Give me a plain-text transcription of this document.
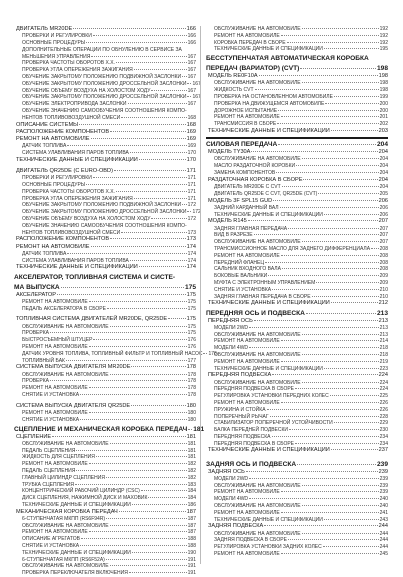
ДВИГАТЕЛЬ MR20DE	166
ПРОВЕРКИ И РЕГУЛИРОВКИ	166
ОСНОВНЫЕ ПРОЦЕДУРЫ	166
ДОПОЛНИТЕЛЬНЫЕ ОПЕРАЦИИ ПО ОБНУЛЕНИЮ В СЕРВИСЕ ЗА
МЕНЬШЕНИЯ УПРАВЛЕНИЯ	167
ПРОВЕРКА ЧАСТОТЫ ОБОРОТОВ Х.Х.	167
ПРОВЕРКА УГЛА ОПЕРЕЖЕНИЯ ЗАЖИГАНИЯ	167
ОБУЧЕНИЕ ЗАКРЫТОМУ ПОЛОЖЕНИЮ ПОДВИЖНОЙ ЗАСЛОНКИ 167
ОБУЧЕНИЕ ЗАКРЫТОМУ ПОЛОЖЕНИЮ ДРОССЕЛЬНОЙ ЗАСЛОНКИ 167
ОБУЧЕНИЕ ОБЪЕМУ ВОЗДУХА НА ХОЛОСТОМ ХОДУ	167
ОБУЧЕНИЕ ЗАКРЫТОМУ ПОЛОЖЕНИЮ ДРОССЕЛЬНОЙ ЗАСЛОНКИ 167
ОБУЧЕНИЕ ЭЛЕКТРОПРИВОДА ЗАСЛОНКИ	167
ОБУЧЕНИЕ ЗНАЧЕНИЮ САМООБУЧЕНИЯ СООТНОШЕНИЯ КОМПО-
НЕНТОВ ТОПЛИВОВОЗДУШНОЙ СМЕСИ	168
ОПИСАНИЕ СИСТЕМЫ	168
РАСПОЛОЖЕНИЕ КОМПОНЕНТОВ	169
РЕМОНТ НА АВТОМОБИЛЕ	169
ДАТЧИК ТОПЛИВА	169
СИСТЕМА УЛАВЛИВАНИЯ ПАРОВ ТОПЛИВА	170
ТЕХНИЧЕСКИЕ ДАННЫЕ И СПЕЦИФИКАЦИИ	170
ДВИГАТЕЛЬ QR25DE (С EURO-OBD)	171
ПРОВЕРКИ И РЕГУЛИРОВКИ	171
ОСНОВНЫЕ ПРОЦЕДУРЫ	171
ПРОВЕРКА ЧАСТОТЫ ОБОРОТОВ Х.Х.	171
ПРОВЕРКА УГЛА ОПЕРЕЖЕНИЯ ЗАЖИГАНИЯ	171
ОБУЧЕНИЕ ЗАКРЫТОМУ ПОЛОЖЕНИЮ ПОДВИЖНОЙ ЗАСЛОНКИ 172
ОБУЧЕНИЕ ЗАКРЫТОМУ ПОЛОЖЕНИЮ ДРОССЕЛЬНОЙ ЗАСЛОНКИ 172
ОБУЧЕНИЕ ОБЪЕМУ ВОЗДУХА НА ХОЛОСТОМ ХОДУ	172
ОБУЧЕНИЕ ЗНАЧЕНИЮ САМООБУЧЕНИЯ СООТНОШЕНИЯ КОМПО-
НЕНТОВ ТОПЛИВОВОЗДУШНОЙ СМЕСИ	173
РАСПОЛОЖЕНИЕ КОМПОНЕНТОВ	173
РЕМОНТ НА АВТОМОБИЛЕ	174
ДАТЧИК ТОПЛИВА	174
СИСТЕМА УЛАВЛИВАНИЯ ПАРОВ ТОПЛИВА	174
ТЕХНИЧЕСКИЕ ДАННЫЕ И СПЕЦИФИКАЦИИ	174
АКСЕЛЕРАТОР, ТОПЛИВНАЯ СИСТЕМА И СИСТЕ-
МА ВЫПУСКА	175
АКСЕЛЕРАТОР	175
РЕМОНТ НА АВТОМОБИЛЕ	175
ПЕДАЛЬ АКСЕЛЕРАТОРА В СБОРЕ	175
ТОПЛИВНАЯ СИСТЕМА ДВИГАТЕЛЕЙ MR20DE, QR25DE	175
ОБСЛУЖИВАНИЕ НА АВТОМОБИЛЕ	175
ПРОВЕРКА	175
БЫСТРОСЪЕМНЫЙ ШТУЦЕР	176
РЕМОНТ НА АВТОМОБИЛЕ	176
ДАТЧИК УРОВНЯ ТОПЛИВА, ТОПЛИВНЫЙ ФИЛЬТР И ТОПЛИВНЫЙ НАСОС 176
ТОПЛИВНЫЙ БАК	177
СИСТЕМА ВЫПУСКА ДВИГАТЕЛЯ MR20DE	178
ОБСЛУЖИВАНИЕ НА АВТОМОБИЛЕ	178
ПРОВЕРКА	178
РЕМОНТ НА АВТОМОБИЛЕ	178
СНЯТИЕ И УСТАНОВКА	178
СИСТЕМА ВЫПУСКА ДВИГАТЕЛЯ QR25DE	180
РЕМОНТ НА АВТОМОБИЛЕ	180
СНЯТИЕ И УСТАНОВКА	180
СЦЕПЛЕНИЕ И МЕХАНИЧЕСКАЯ КОРОБКА ПЕРЕДАЧ 181
СЦЕПЛЕНИЕ	181
ОБСЛУЖИВАНИЕ НА АВТОМОБИЛЕ	181
ПЕДАЛЬ СЦЕПЛЕНИЯ	181
ЖИДКОСТЬ ДЛЯ СЦЕПЛЕНИЯ	181
РЕМОНТ НА АВТОМОБИЛЕ	182
ПЕДАЛЬ СЦЕПЛЕНИЯ	182
ГЛАВНЫЙ ЦИЛИНДР СЦЕПЛЕНИЯ	182
ТРУБКА СЦЕПЛЕНИЯ	183
КОНЦЕНТРИЧЕСКИЙ РАБОЧИЙ ЦИЛИНДР (CSC)	184
ДИСК СЦЕПЛЕНИЯ, НАЖИМНОЙ ДИСК И МАХОВИК	184
ТЕХНИЧЕСКИЕ ДАННЫЕ И СПЕЦИФИКАЦИИ	186
МЕХАНИЧЕСКАЯ КОРОБКА ПЕРЕДАЧ	187
6-СТУПЕНЧАТАЯ МКПП (RS6F94R)	187
ОБСЛУЖИВАНИЕ НА АВТОМОБИЛЕ	187
РЕМОНТ НА АВТОМОБИЛЕ	187
ОПИСАНИЕ АГРЕГАТОВ	188
СНЯТИЕ И УСТАНОВКА	188
ТЕХНИЧЕСКИЕ ДАННЫЕ И СПЕЦИФИКАЦИИ	190
6-СТУПЕНЧАТАЯ МКПП (RS6F52A)	191
ОБСЛУЖИВАНИЕ НА АВТОМОБИЛЕ	191
ПРОВЕРКА ПЕРЕКЛЮЧАТЕЛЯ ВКЛЮЧЕНИЯ	191
ОБСЛУЖИВАНИЕ НА АВТОМОБИЛЕ	192
РЕМОНТ НА АВТОМОБИЛЕ	192
КОРОБКА ПЕРЕДАЧ В СБОРЕ	192
ТЕХНИЧЕСКИЕ ДАННЫЕ И СПЕЦИФИКАЦИИ	195
БЕССТУПЕНЧАТАЯ АВТОМАТИЧЕСКАЯ КОРОБКА
ПЕРЕДАЧ (ВАРИАТОР) (CVT)	198
МОДЕЛЬ RE0F10A	198
ОБСЛУЖИВАНИЕ НА АВТОМОБИЛЕ	198
ЖИДКОСТЬ CVT	198
ПРОВЕРКА НА ОСТАНОВЛЕННОМ АВТОМОБИЛЕ	199
ПРОВЕРКА НА ДВИЖУЩЕМСЯ АВТОМОБИЛЕ	200
ДОРОЖНОЕ ИСПЫТАНИЕ	200
РЕМОНТ НА АВТОМОБИЛЕ	201
ТРАНСМИССИЯ В СБОРЕ	202
ТЕХНИЧЕСКИЕ ДАННЫЕ И СПЕЦИФИКАЦИИ	203
СИЛОВАЯ ПЕРЕДАЧА	204
МОДЕЛЬ TY30A	204
ОБСЛУЖИВАНИЕ НА АВТОМОБИЛЕ	204
МАСЛО РАЗДАТОЧНОЙ КОРОБКИ	204
ЗАМЕНА КОМПОНЕНТОВ	204
РАЗДАТОЧНАЯ КОРОБКА В СБОРЕ	204
ДВИГАТЕЛЬ MR20DE С CVT	204
ДВИГАТЕЛЬ QR25DE С CVT, QR25DE (CVT)	205
МОДЕЛЬ 3F SPL15 GUD	206
ЗАДНИЙ КАРДАННЫЙ ВАЛ	206
ТЕХНИЧЕСКИЕ ДАННЫЕ И СПЕЦИФИКАЦИИ	206
МОДЕЛЬ R145	207
ЗАДНЯЯ ГЛАВНАЯ ПЕРЕДАЧА	207
ВИД В РАЗРЕЗЕ	207
ОБСЛУЖИВАНИЕ НА АВТОМОБИЛЕ	207
ТРАНСМИССИОННОЕ МАСЛО ДЛЯ ЗАДНЕГО ДИФФЕРЕНЦИАЛА 208
РЕМОНТ НА АВТОМОБИЛЕ	208
ПЕРЕДНИЙ ФЛАНЕЦ	208
САЛЬНИК ВХОДНОГО ВАЛА	208
БОКОВЫЕ ВАЛЬНИКИ	209
МУФТА С ЭЛЕКТРОННЫМ УПРАВЛЕНИЕМ	209
СНЯТИЕ И УСТАНОВКА	210
ЗАДНЯЯ ГЛАВНАЯ ПЕРЕДАЧА В СБОРЕ	210
ТЕХНИЧЕСКИЕ ДАННЫЕ И СПЕЦИФИКАЦИИ	212
ПЕРЕДНЯЯ ОСЬ И ПОДВЕСКА	213
ПЕРЕДНЯЯ ОСЬ	213
МОДЕЛИ 2WD	213
ОБСЛУЖИВАНИЕ НА АВТОМОБИЛЕ	213
РЕМОНТ НА АВТОМОБИЛЕ	214
МОДЕЛИ 4WD	218
ОБСЛУЖИВАНИЕ НА АВТОМОБИЛЕ	218
РЕМОНТ НА АВТОМОБИЛЕ	219
ТЕХНИЧЕСКИЕ ДАННЫЕ И СПЕЦИФИКАЦИИ	223
ПЕРЕДНЯЯ ПОДВЕСКА	224
ОБСЛУЖИВАНИЕ НА АВТОМОБИЛЕ	224
ПЕРЕДНЯЯ ПОДВЕСКА В СБОРЕ	224
РЕГУЛИРОВКА УСТАНОВКИ ПЕРЕДНИХ КОЛЕС	225
РЕМОНТ НА АВТОМОБИЛЕ	226
ПРУЖИНА И СТОЙКА	226
ПОПЕРЕЧНЫЙ РЫЧАГ	228
СТАБИЛИЗАТОР ПОПЕРЕЧНОЙ УСТОЙЧИВОСТИ	229
БАЛКА ПЕРЕДНЕЙ ПОДВЕСКИ	230
ПЕРЕДНЯЯ ПОДВЕСКА	234
ПЕРЕДНЯЯ ПОДВЕСКА В СБОРЕ	234
ТЕХНИЧЕСКИЕ ДАННЫЕ И СПЕЦИФИКАЦИИ	237
ЗАДНЯЯ ОСЬ И ПОДВЕСКА	239
ЗАДНЯЯ ОСЬ	239
МОДЕЛИ 2WD	239
ОБСЛУЖИВАНИЕ НА АВТОМОБИЛЕ	239
РЕМОНТ НА АВТОМОБИЛЕ	239
МОДЕЛИ 4WD	240
ОБСЛУЖИВАНИЕ НА АВТОМОБИЛЕ	240
РЕМОНТ НА АВТОМОБИЛЕ	241
ТЕХНИЧЕСКИЕ ДАННЫЕ И СПЕЦИФИКАЦИИ	243
ЗАДНЯЯ ПОДВЕСКА	244
ОБСЛУЖИВАНИЕ НА АВТОМОБИЛЕ	244
ЗАДНЯЯ ПОДВЕСКА В СБОРЕ	244
РЕГУЛИРОВКА УСТАНОВКИ ЗАДНИХ КОЛЕС	244
РЕМОНТ НА АВТОМОБИЛЕ	245
